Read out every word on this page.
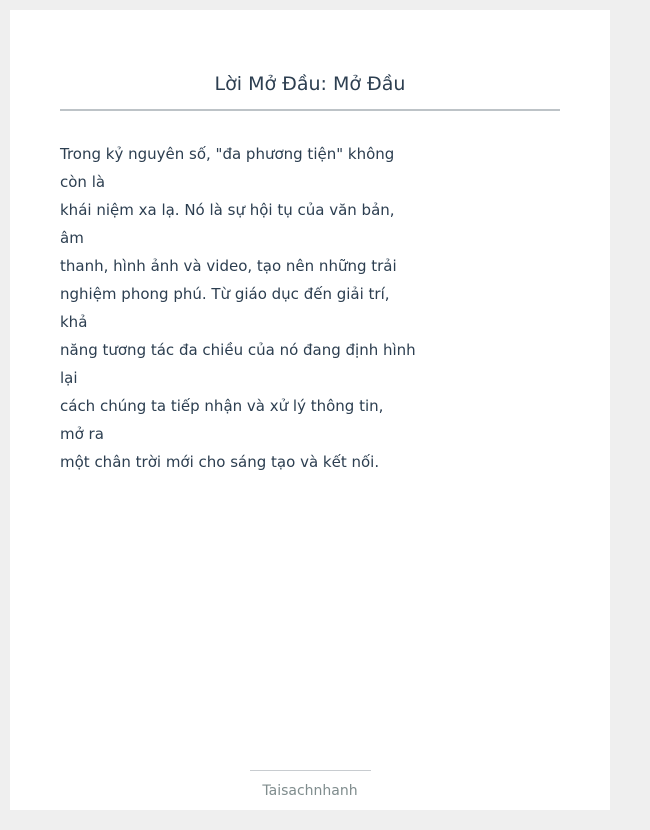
Lời Mở Đầu: Mở Đầu
Trong kỷ nguyên số, "đa phương tiện" không
còn là
khái niệm xa lạ. Nó là sự hội tụ của văn bản,
âm
thanh, hình ảnh và video, tạo nên những trải
nghiệm phong phú. Từ giáo dục đến giải trí,
khả
năng tương tác đa chiều của nó đang định hình
lại
cách chúng ta tiếp nhận và xử lý thông tin,
mở ra
một chân trời mới cho sáng tạo và kết nối.
Taisachnhanh
